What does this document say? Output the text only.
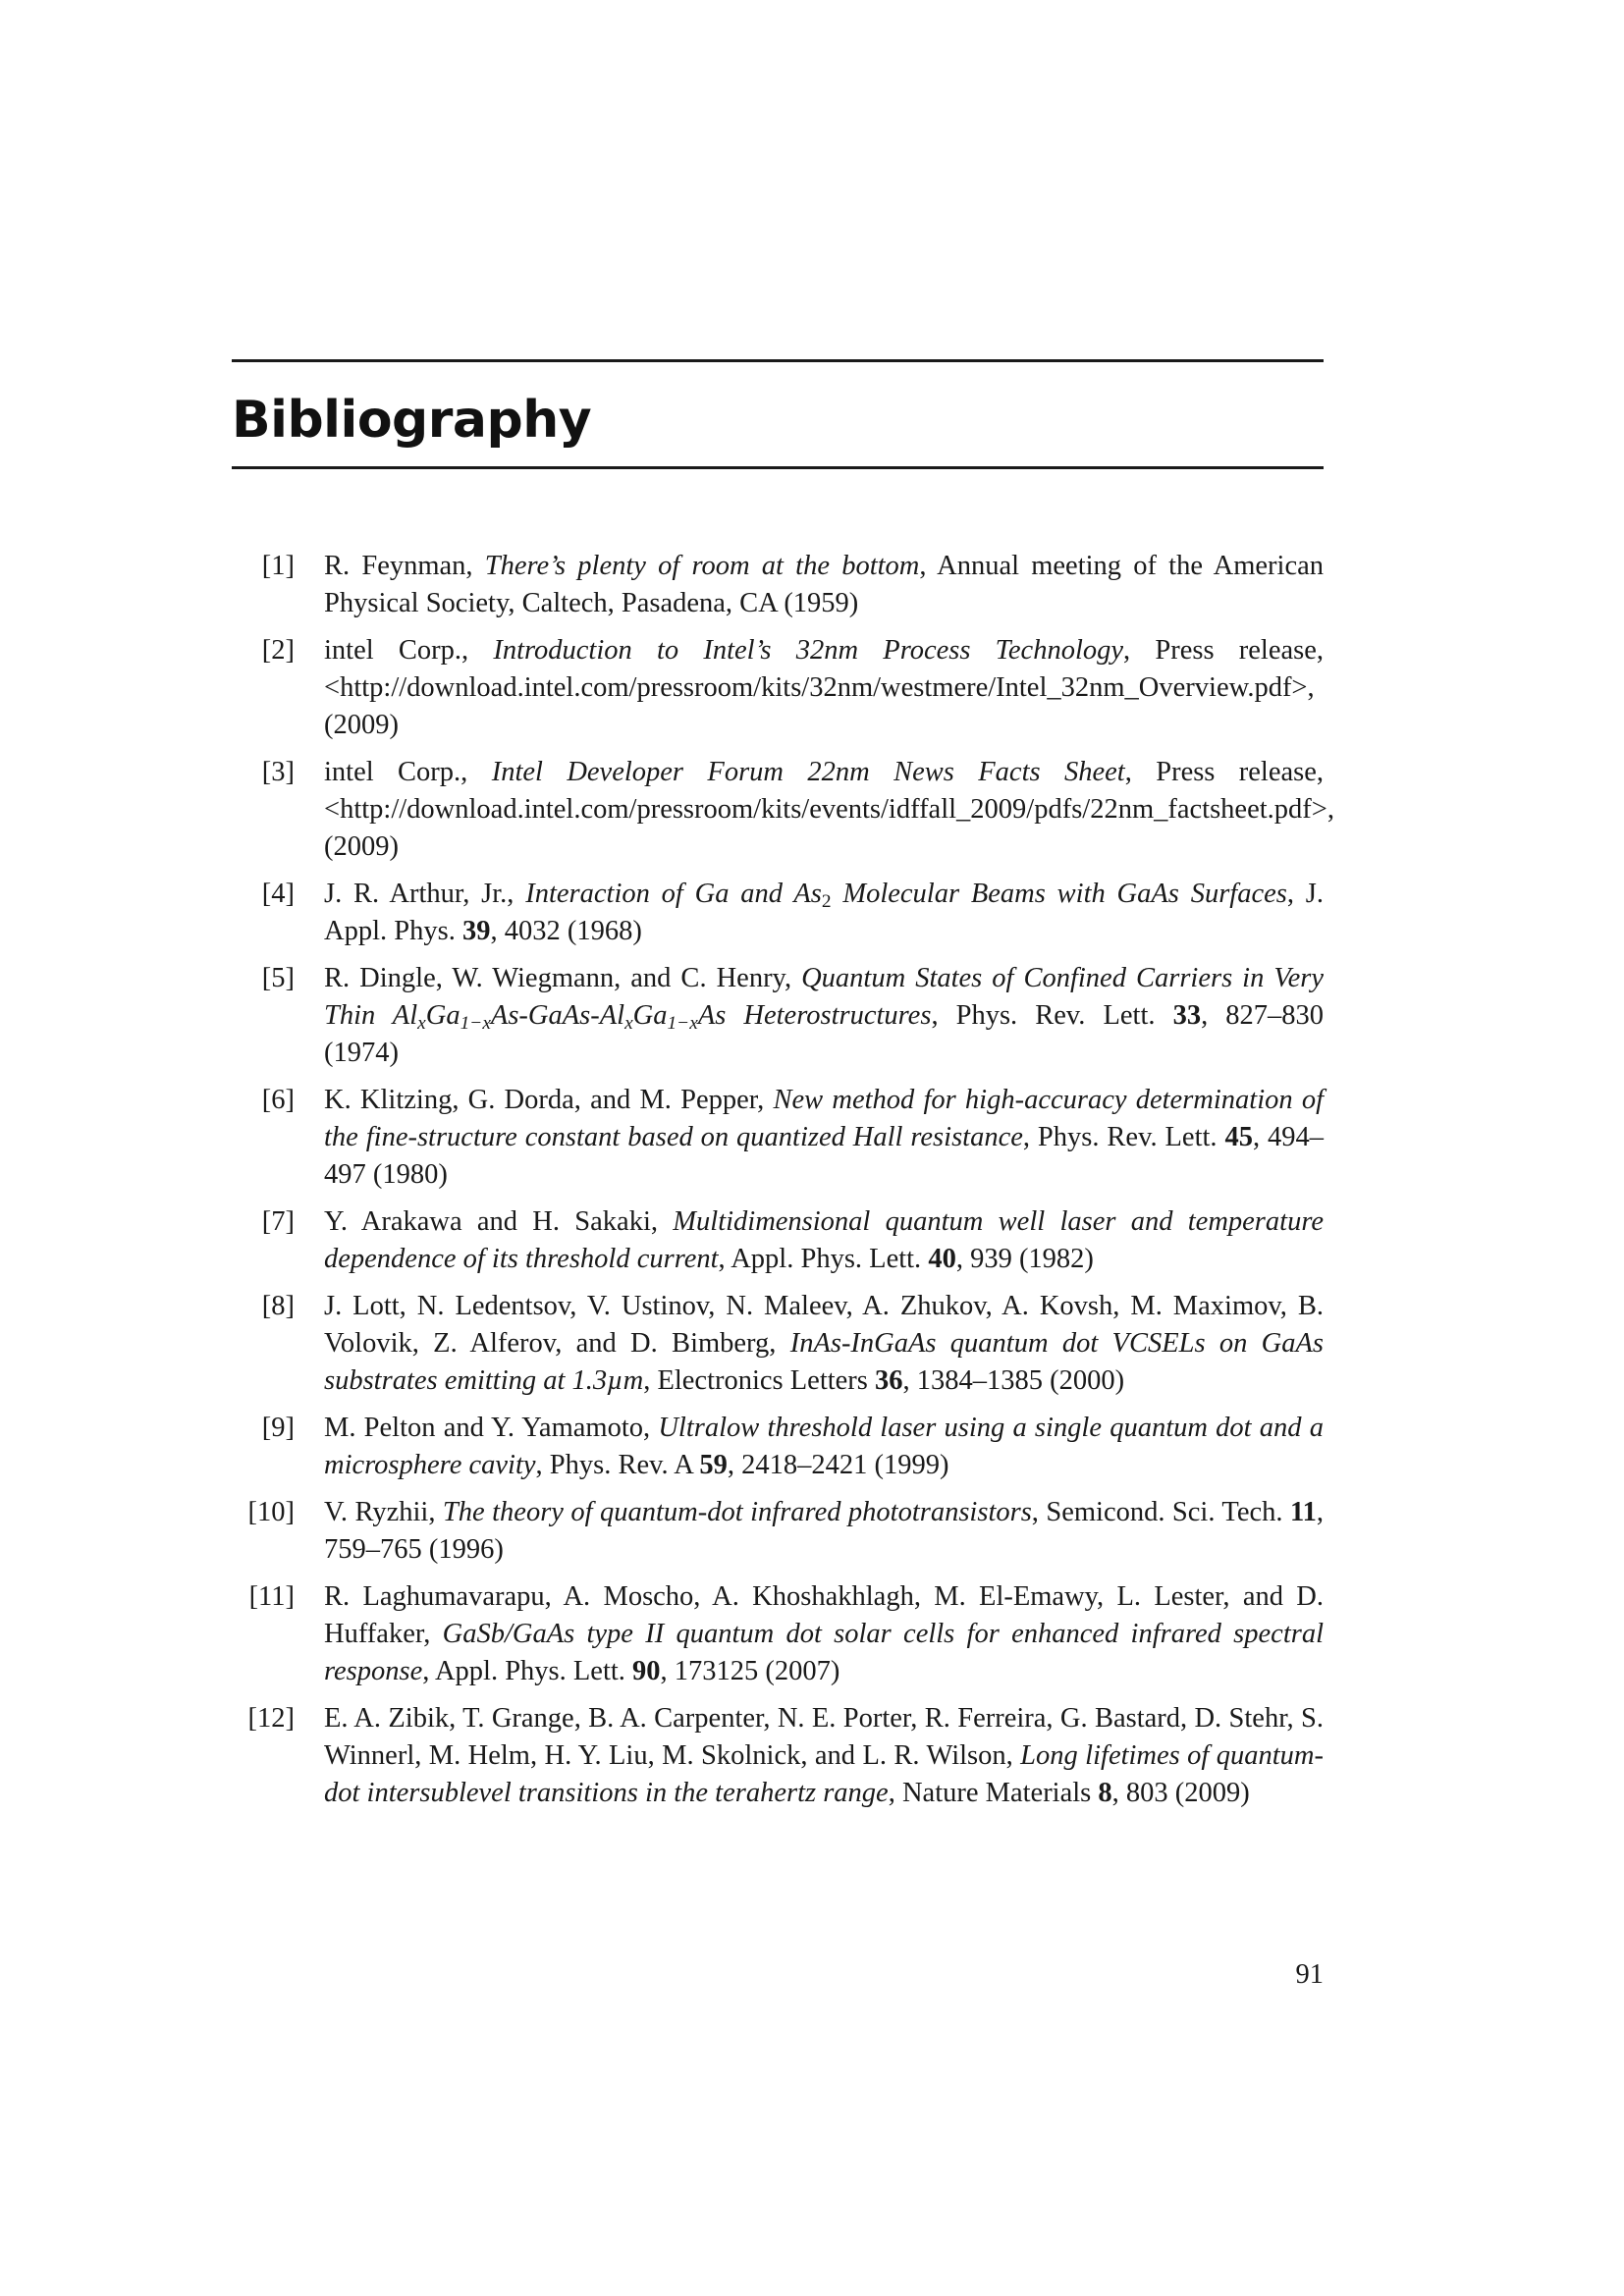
Bibliography
[1] R. Feynman, There’s plenty of room at the bottom, Annual meeting of the American Physical Society, Caltech, Pasadena, CA (1959)
[2] intel Corp., Introduction to Intel’s 32nm Process Technology, Press release, <http://download.intel.com/pressroom/kits/32nm/westmere/Intel_32nm_Overview.pdf>, (2009)
[3] intel Corp., Intel Developer Forum 22nm News Facts Sheet, Press release, <http://download.intel.com/pressroom/kits/events/idffall_2009/pdfs/22nm_factsheet.pdf>, (2009)
[4] J. R. Arthur, Jr., Interaction of Ga and $As_2$ Molecular Beams with GaAs Surfaces, J. Appl. Phys. 39, 4032 (1968)
[5] R. Dingle, W. Wiegmann, and C. Henry, Quantum States of Confined Carriers in Very Thin $Al_xGa_{1-x}As-GaAs-Al_xGa_{1-x}As$ Heterostructures, Phys. Rev. Lett. 33, 827–830 (1974)
[6] K. Klitzing, G. Dorda, and M. Pepper, New method for high-accuracy determination of the fine-structure constant based on quantized Hall resistance, Phys. Rev. Lett. 45, 494–497 (1980)
[7] Y. Arakawa and H. Sakaki, Multidimensional quantum well laser and temperature dependence of its threshold current, Appl. Phys. Lett. 40, 939 (1982)
[8] J. Lott, N. Ledentsov, V. Ustinov, N. Maleev, A. Zhukov, A. Kovsh, M. Maximov, B. Volovik, Z. Alferov, and D. Bimberg, InAs-InGaAs quantum dot VCSELs on GaAs substrates emitting at 1.3µm, Electronics Letters 36, 1384–1385 (2000)
[9] M. Pelton and Y. Yamamoto, Ultralow threshold laser using a single quantum dot and a microsphere cavity, Phys. Rev. A 59, 2418–2421 (1999)
[10] V. Ryzhii, The theory of quantum-dot infrared phototransistors, Semicond. Sci. Tech. 11, 759–765 (1996)
[11] R. Laghumavarapu, A. Moscho, A. Khoshakhlagh, M. El-Emawy, L. Lester, and D. Huffaker, GaSb/GaAs type II quantum dot solar cells for enhanced infrared spectral response, Appl. Phys. Lett. 90, 173125 (2007)
[12] E. A. Zibik, T. Grange, B. A. Carpenter, N. E. Porter, R. Ferreira, G. Bastard, D. Stehr, S. Winnerl, M. Helm, H. Y. Liu, M. Skolnick, and L. R. Wilson, Long lifetimes of quantum-dot intersublevel transitions in the terahertz range, Nature Materials 8, 803 (2009)
91
